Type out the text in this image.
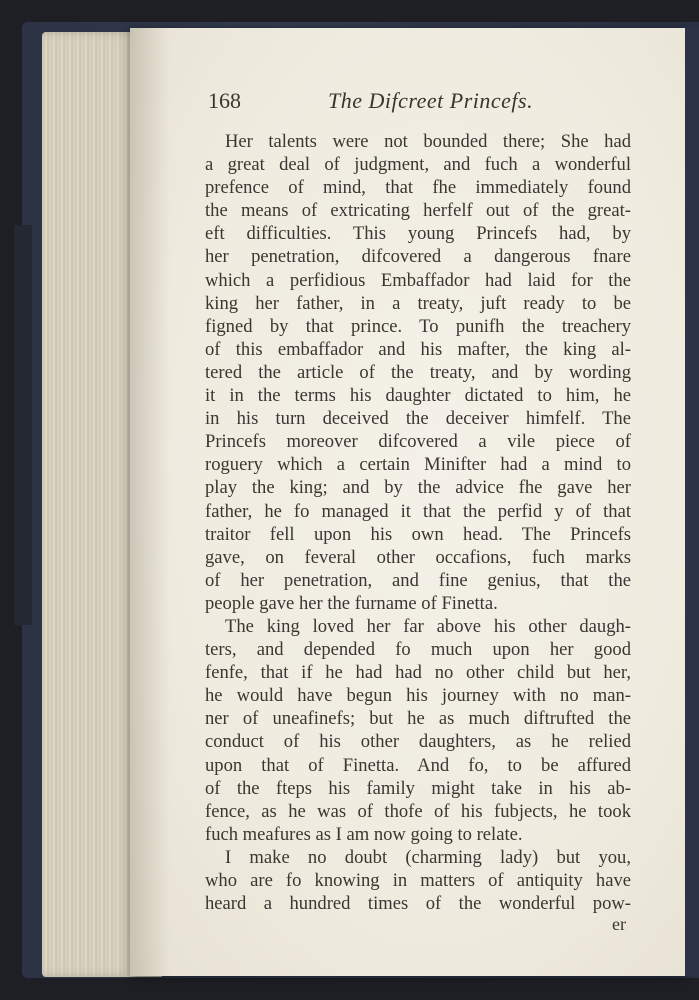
168	The Difcreet Princefs.
Her talents were not bounded there; She had
a great deal of judgment, and fuch a wonderful
prefence of mind, that fhe immediately found
the means of extricating herfelf out of the great-
eft difficulties. This young Princefs had, by
her penetration, difcovered a dangerous fnare
which a perfidious Embaffador had laid for the
king her father, in a treaty, juft ready to be
figned by that prince. To punifh the treachery
of this embaffador and his mafter, the king al-
tered the article of the treaty, and by wording
it in the terms his daughter dictated to him, he
in his turn deceived the deceiver himfelf. The
Princefs moreover difcovered a vile piece of
roguery which a certain Minifter had a mind to
play the king; and by the advice fhe gave her
father, he fo managed it that the perfid y of that
traitor fell upon his own head. The Princefs
gave, on feveral other occafions, fuch marks
of her penetration, and fine genius, that the
people gave her the furname of Finetta.
The king loved her far above his other daugh-
ters, and depended fo much upon her good
fenfe, that if he had had no other child but her,
he would have begun his journey with no man-
ner of uneafinefs; but he as much diftrufted the
conduct of his other daughters, as he relied
upon that of Finetta. And fo, to be affured
of the fteps his family might take in his ab-
fence, as he was of thofe of his fubjects, he took
fuch meafures as I am now going to relate.
I make no doubt (charming lady) but you,
who are fo knowing in matters of antiquity have
heard a hundred times of the wonderful pow-
er
